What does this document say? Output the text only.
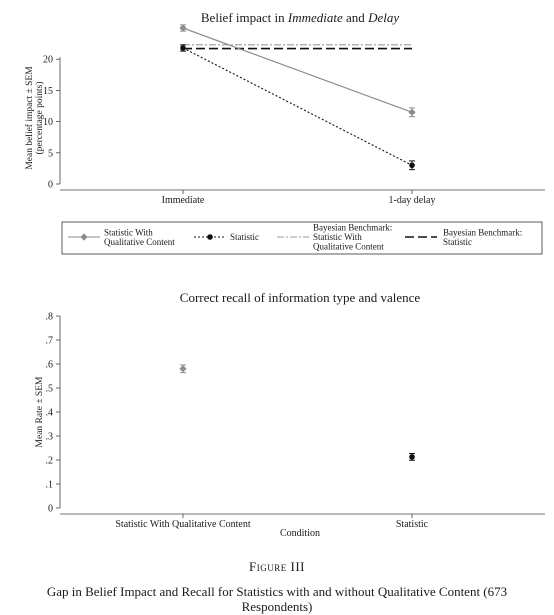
Belief impact in Immediate and Delay
0
5
10
15
20
Immediate	1-day delay
Mean belief impact ± SEM(percentage points)
Statistic With
Qualitative Content	Statistic
Bayesian Benchmark:
Statistic With
Qualitative Content
Bayesian Benchmark:
Statistic
Correct recall of information type and valence
0
.1
.2
.3
.4
.5
.6
.7
.8
Statistic With Qualitative Content	Statistic
Condition
Mean Rate ± SEM
Figure III
Gap in Belief Impact and Recall for Statistics with and without Qualitative Content (673 Respondents)
